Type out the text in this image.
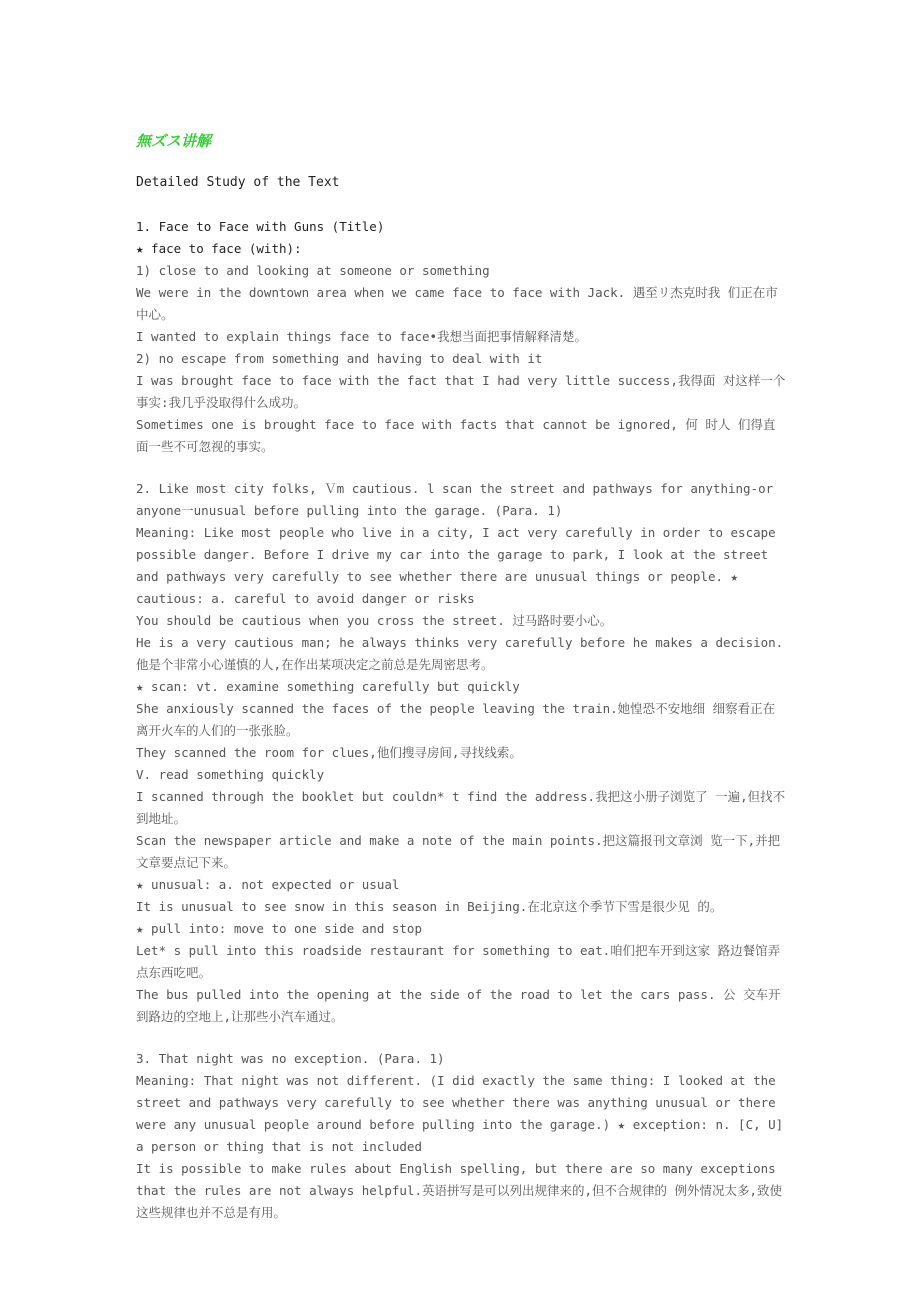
無ズス讲解
Detailed Study of the Text
1. Face to Face with Guns (Title)
★ face to face (with):
1) close to and looking at someone or something
We were in the downtown area when we came face to face with Jack. 遇至リ杰克时我 们正在市中心。
I wanted to explain things face to face•我想当面把事情解释清楚。
2) no escape from something and having to deal with it
I was brought face to face with the fact that I had very little success,我得面 对这样一个事实:我几乎没取得什么成功。
Sometimes one is brought face to face with facts that cannot be ignored, 何 时人 们得直面一些不可忽视的事实。
2. Like most city folks, Ｖm cautious. l scan the street and pathways for anything-or anyone一unusual before pulling into the garage. (Para. 1)
Meaning: Like most people who live in a city, I act very carefully in order to escape possible danger. Before I drive my car into the garage to park, I look at the street and pathways very carefully to see whether there are unusual things or people. ★ cautious: a. careful to avoid danger or risks
You should be cautious when you cross the street. 过马路时要小心。
He is a very cautious man; he always thinks very carefully before he makes a decision. 他是个非常小心谨慎的人,在作出某项决定之前总是先周密思考。
★ scan: vt. examine something carefully but quickly
She anxiously scanned the faces of the people leaving the train.她惶恐不安地细 细察看正在离开火车的人们的一张张脸。
They scanned the room for clues,他们搜寻房间,寻找线索。
V. read something quickly
I scanned through the booklet but couldn* t find the address.我把这小册子浏览了 一遍,但找不到地址。
Scan the newspaper article and make a note of the main points.把这篇报刊文章浏 览一下,并把文章要点记下来。
★ unusual: a. not expected or usual
It is unusual to see snow in this season in Beijing.在北京这个季节下雪是很少见 的。
★ pull into: move to one side and stop
Let* s pull into this roadside restaurant for something to eat.咱们把车开到这家 路边餐馆弄点东西吃吧。
The bus pulled into the opening at the side of the road to let the cars pass. 公 交车开到路边的空地上,让那些小汽车通过。
3. That night was no exception. (Para. 1)
Meaning: That night was not different. (I did exactly the same thing: I looked at the street and pathways very carefully to see whether there was anything unusual or there were any unusual people around before pulling into the garage.) ★ exception: n. [C, U] a person or thing that is not included
It is possible to make rules about English spelling, but there are so many exceptions that the rules are not always helpful.英语拼写是可以列出规律来的,但不合规律的 例外情况太多,致使这些规律也并不总是有用。
